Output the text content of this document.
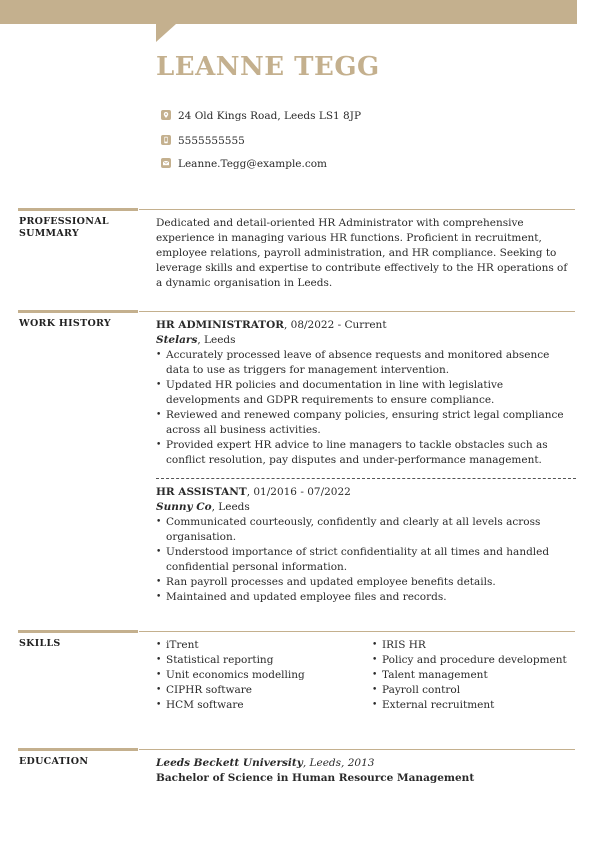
LEANNE TEGG
24 Old Kings Road, Leeds LS1 8JP
5555555555
Leanne.Tegg@example.com
PROFESSIONAL
SUMMARY

Dedicated and detail-oriented HR Administrator with comprehensive experience in managing various HR functions. Proficient in recruitment, employee relations, payroll administration, and HR compliance. Seeking to leverage skills and expertise to contribute effectively to the HR operations of a dynamic organisation in Leeds.

WORK HISTORY	HR ADMINISTRATOR, 08/2022 - Current
Stelars, Leeds
• Accurately processed leave of absence requests and monitored absence data to use as triggers for management intervention.
• Updated HR policies and documentation in line with legislative developments and GDPR requirements to ensure compliance.
• Reviewed and renewed company policies, ensuring strict legal compliance across all business activities.
• Provided expert HR advice to line managers to tackle obstacles such as conflict resolution, pay disputes and under-performance management.
HR ASSISTANT, 01/2016 - 07/2022
Sunny Co, Leeds
• Communicated courteously, confidently and clearly at all levels across organisation.
• Understood importance of strict confidentiality at all times and handled confidential personal information.
• Ran payroll processes and updated employee benefits details.
• Maintained and updated employee files and records.
SKILLS
•	iTrent
• Statistical reporting
• Unit economics modelling
• CIPHR software
• HCM software
• IRIS HR
• Policy and procedure development
• Talent management
• Payroll control
• External recruitment
EDUCATION	Leeds Beckett University, Leeds, 2013
Bachelor of Science in Human Resource Management
